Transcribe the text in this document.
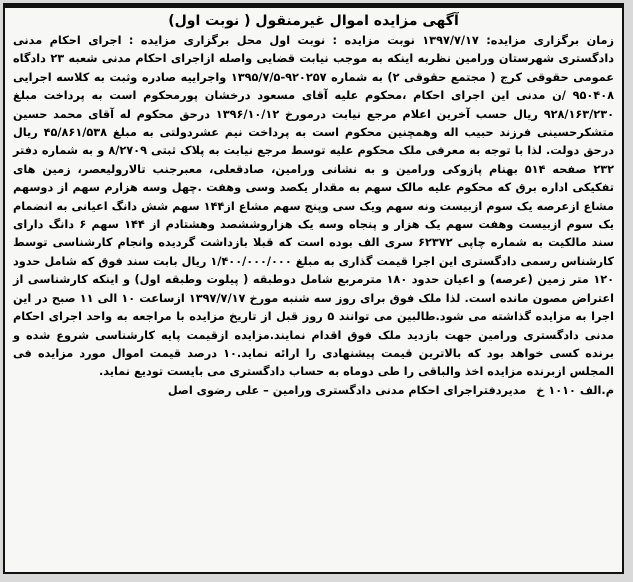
آگهی مزایده اموال غیرمنقول ( نوبت اول)

زمان برگزاری مزایده: ۱۳۹۷/۷/۱۷ نوبت مزایده : نوبت اول محل برگزاری مزایده : اجرای احکام مدنی دادگستری شهرستان ورامین نظربه اینکه به موجب نیابت قضایی واصله ازاجرای احکام مدنی شعبه ۲۳ دادگاه عمومی حقوقی کرج ( مجتمع حقوقی ۲) به شماره ۹۲۰۲۵۷-۱۳۹۵/۷/۵ واجراییه صادره وثبت به کلاسه اجرایی ۹۵۰۴۰۸ /ن مدنی این اجرای احکام ،محکوم علیه آقای مسعود درخشان پورمحکوم است به پرداخت مبلغ ۹۲۸/۱۶۳/۲۳۰ ریال حسب آخرین اعلام مرجع نیابت درمورخ ۱۳۹۶/۱۰/۱۲ درحق محکوم له آقای محمد حسین متشکرحسینی فرزند حبیب اله وهمچنین محکوم است به پرداخت نیم عشردولتی به مبلغ ۴۵/۸۶۱/۵۳۸ ریال درحق دولت. لذا با توجه به معرفی ملک محکوم علیه توسط مرجع نیابت به پلاک ثبتی ۸/۲۷۰۹ و به شماره دفتر ۲۳۲ صفحه ۵۱۴ بهنام پازوکی ورامین و به نشانی ورامین، صادقعلی، معبرجنب تالارولیعصر، زمین های تفکیکی اداره برق که محکوم علیه مالک سهم به مقدار یکصد وسی وهفت .چهل وسه هزارم سهم از دوسهم مشاع ازعرصه یک سوم ازبیست ونه سهم ویک سی وپنج سهم مشاع از۱۴۴ سهم شش دانگ اعیانی به انضمام یک سوم ازبیست وهفت سهم یک هزار و پنجاه وسه یک هزاروششصد وهشتادم از ۱۴۴ سهم ۶ دانگ دارای سند مالکیت به شماره چاپی ۶۲۳۷۲ سری الف بوده است که قبلا بازداشت گردیده وانجام کارشناسی توسط کارشناس رسمی دادگستری این اجرا قیمت گذاری به مبلغ ۱/۴۰۰/۰۰۰/۰۰۰ ریال بابت سند فوق که شامل حدود ۱۲۰ متر زمین (عرصه) و اعیان حدود ۱۸۰ مترمربع شامل دوطبقه ( پیلوت وطبقه اول) و اینکه کارشناسی از اعتراض مصون مانده است. لذا ملک فوق برای روز سه شنبه مورخ ۱۳۹۷/۷/۱۷ ازساعت ۱۰ الی ۱۱ صبح در این اجرا به مزایده گذاشته می شود.طالبین می توانند ۵ روز قبل از تاریخ مزایده با مراجعه به واحد اجرای احکام مدنی دادگستری ورامین جهت بازدید ملک فوق اقدام نمایند.مزایده ازقیمت پایه کارشناسی شروع شده و برنده کسی خواهد بود که بالاترین قیمت پیشنهادی را ارائه نماید.۱۰ درصد قیمت اموال مورد مزایده فی المجلس ازبرنده مزایده اخذ والباقی را طی دوماه به حساب دادگستری می بایست تودیع نماید.

م.الف ۱۰۱۰ خ مدیردفتراجرای احکام مدنی دادگستری ورامین – علی رضوی اصل
